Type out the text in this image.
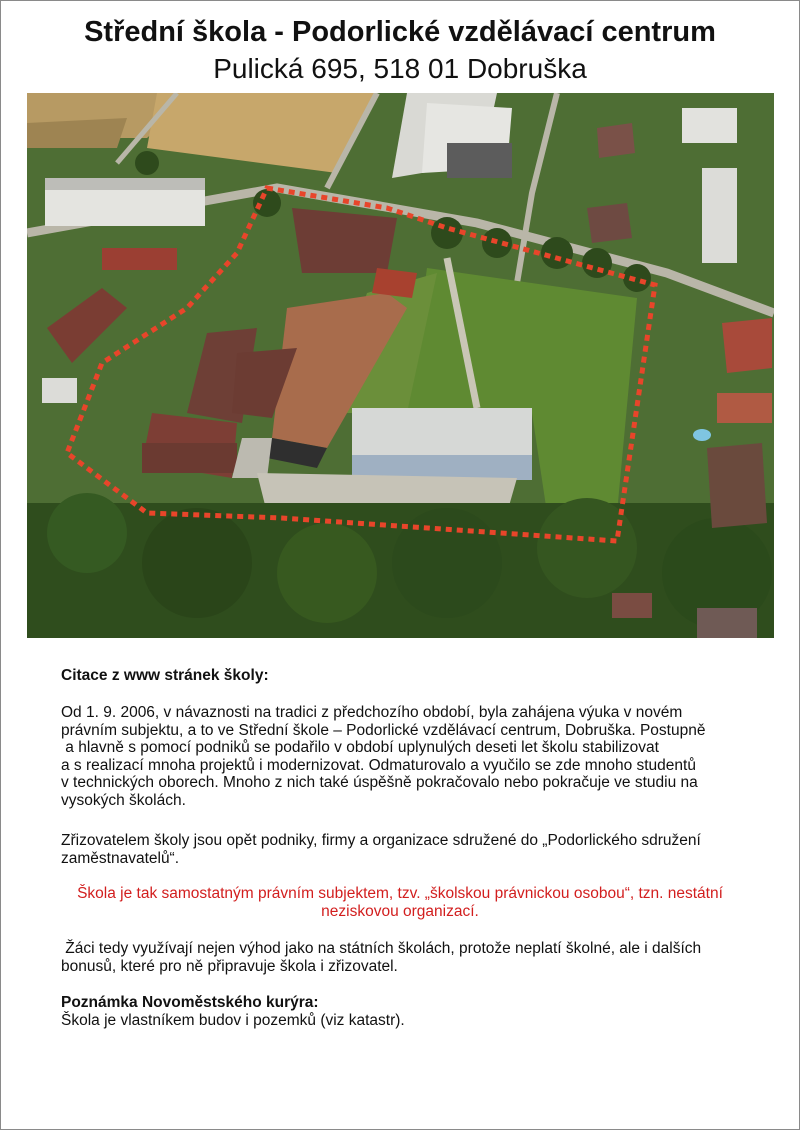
Střední škola - Podorlické vzdělávací centrum
Pulická 695, 518 01 Dobruška
Citace z www stránek školy:
Od 1. 9. 2006, v návaznosti na tradici z předchozího období, byla zahájena výuka v novém
právním subjektu, a to ve Střední škole – Podorlické vzdělávací centrum, Dobruška. Postupně
a hlavně s pomocí podniků se podařilo v období uplynulých deseti let školu stabilizovat
a s realizací mnoha projektů i modernizovat. Odmaturovalo a vyučilo se zde mnoho studentů
v technických oborech. Mnoho z nich také úspěšně pokračovalo nebo pokračuje ve studiu na
vysokých školách.
Zřizovatelem školy jsou opět podniky, firmy a organizace sdružené do „Podorlického sdružení
zaměstnavatelů“.
Škola je tak samostatným právním subjektem, tzv. „školskou právnickou osobou“, tzn. nestátní
neziskovou organizací.
Žáci tedy využívají nejen výhod jako na státních školách, protože neplatí školné, ale i dalších
bonusů, které pro ně připravuje škola i zřizovatel.
Poznámka Novoměstského kurýra:
Škola je vlastníkem budov i pozemků (viz katastr).
